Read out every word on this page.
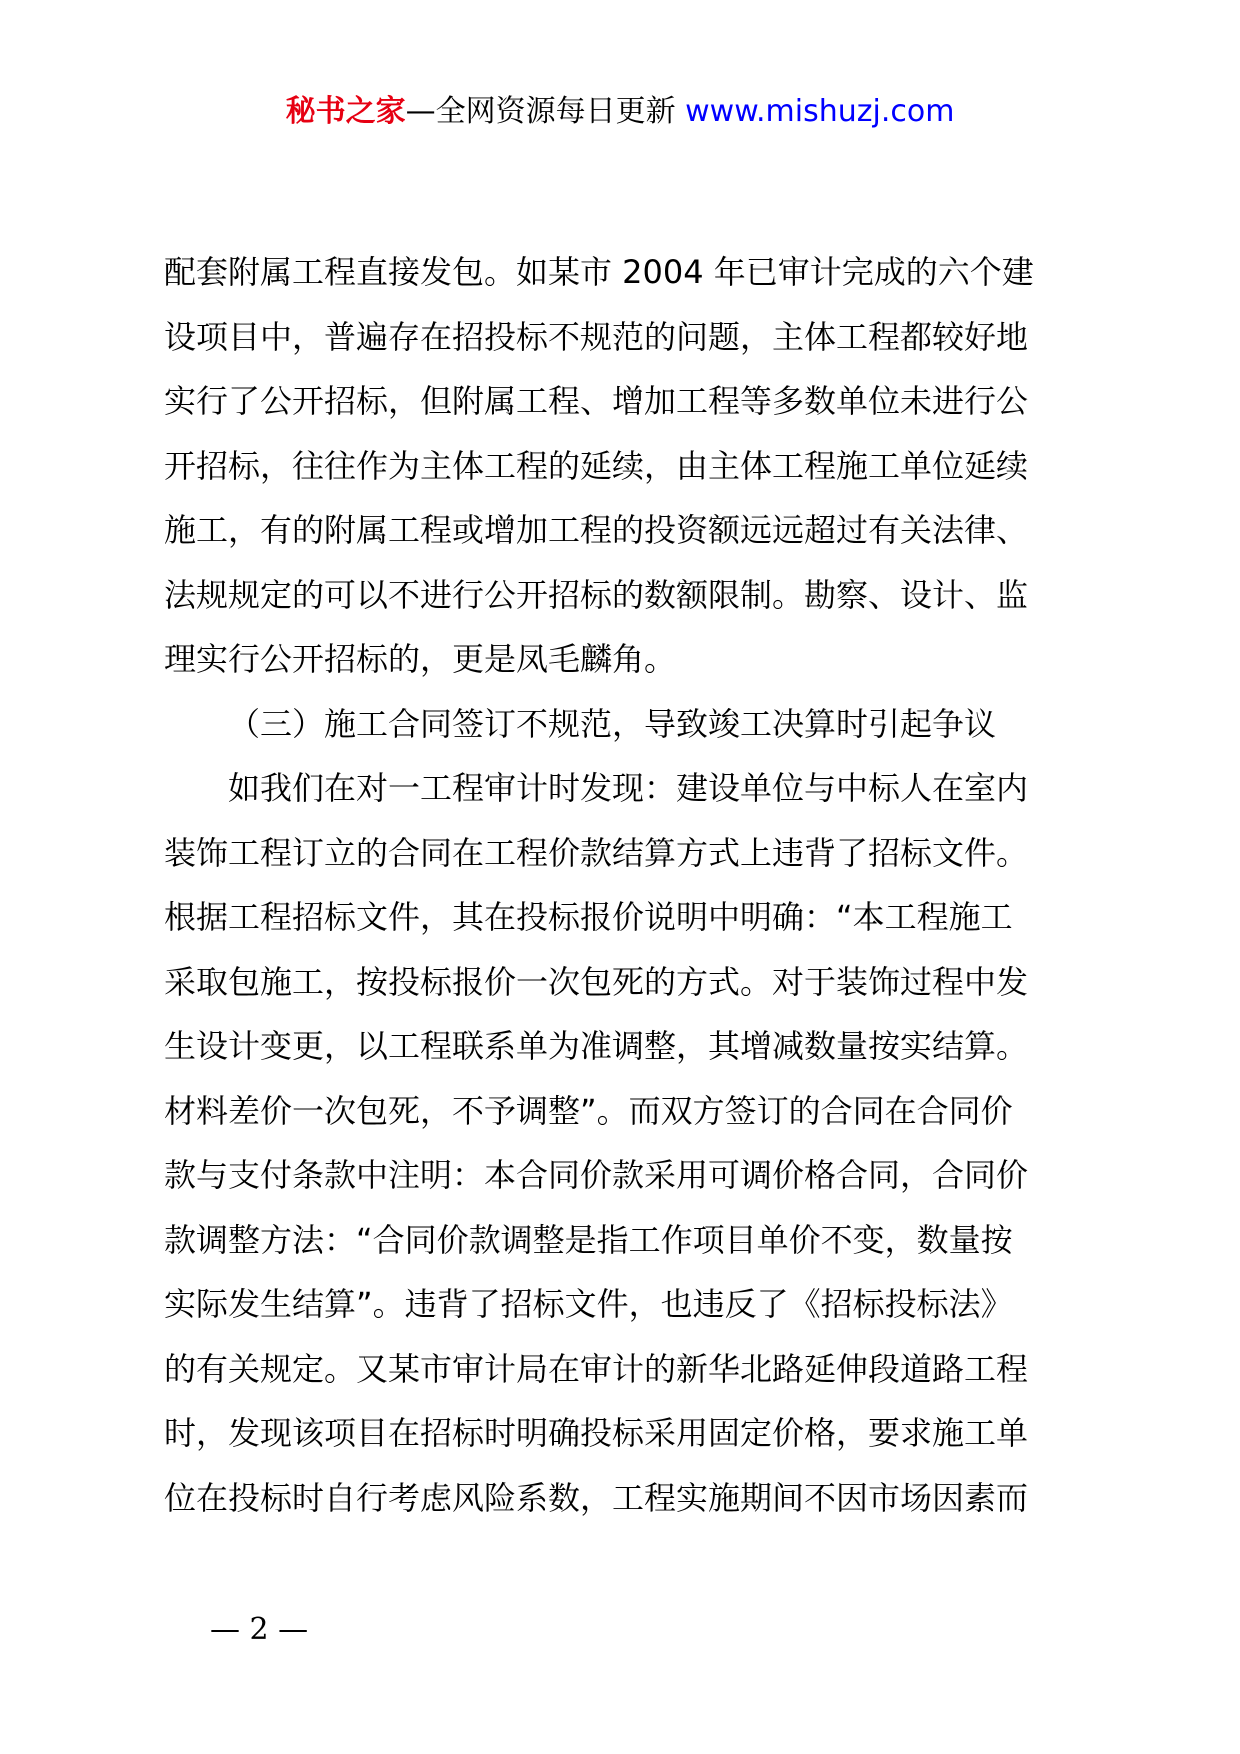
秘书之家—全网资源每日更新 www.mishuzj.com
配套附属工程直接发包。如某市 2004 年已审计完成的六个建
设项目中，普遍存在招投标不规范的问题，主体工程都较好地
实行了公开招标，但附属工程、增加工程等多数单位未进行公
开招标，往往作为主体工程的延续，由主体工程施工单位延续
施工，有的附属工程或增加工程的投资额远远超过有关法律、
法规规定的可以不进行公开招标的数额限制。勘察、设计、监
理实行公开招标的，更是凤毛麟角。
（三）施工合同签订不规范，导致竣工决算时引起争议
如我们在对一工程审计时发现：建设单位与中标人在室内
装饰工程订立的合同在工程价款结算方式上违背了招标文件。
根据工程招标文件，其在投标报价说明中明确：“本工程施工
采取包施工，按投标报价一次包死的方式。对于装饰过程中发
生设计变更，以工程联系单为准调整，其增减数量按实结算。
材料差价一次包死，不予调整”。而双方签订的合同在合同价
款与支付条款中注明：本合同价款采用可调价格合同，合同价
款调整方法：“合同价款调整是指工作项目单价不变，数量按
实际发生结算”。违背了招标文件，也违反了《招标投标法》
的有关规定。又某市审计局在审计的新华北路延伸段道路工程
时，发现该项目在招标时明确投标采用固定价格，要求施工单
位在投标时自行考虑风险系数，工程实施期间不因市场因素而
— 2 —
